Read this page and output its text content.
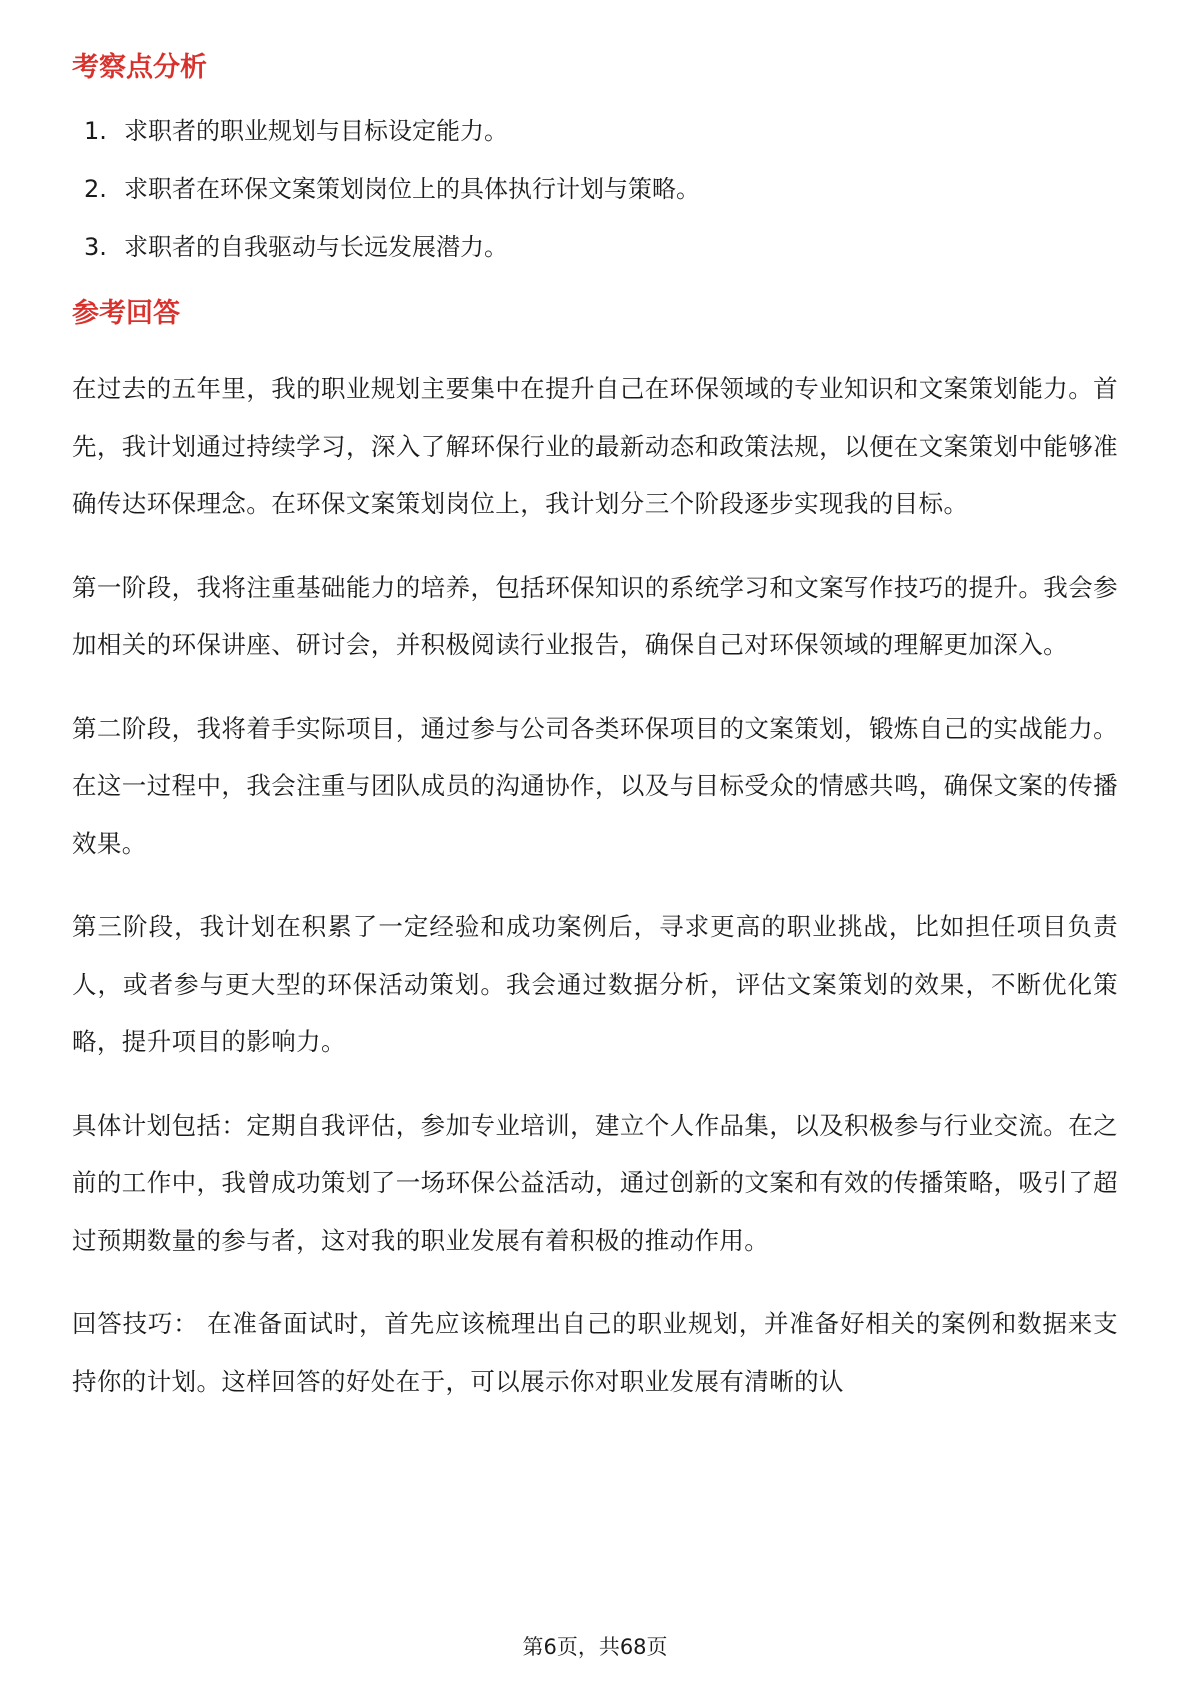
考察点分析
1. 求职者的职业规划与目标设定能力。
2. 求职者在环保文案策划岗位上的具体执行计划与策略。
3. 求职者的自我驱动与长远发展潜力。
参考回答

在过去的五年里，我的职业规划主要集中在提升自己在环保领域的专业知识和文案策划能力。首先，我计划通过持续学习，深入了解环保行业的最新动态和政策法规，以便在文案策划中能够准确传达环保理念。在环保文案策划岗位上，我计划分三个阶段逐步实现我的目标。

第一阶段，我将注重基础能力的培养，包括环保知识的系统学习和文案写作技巧的提升。我会参加相关的环保讲座、研讨会，并积极阅读行业报告，确保自己对环保领域的理解更加深入。

第二阶段，我将着手实际项目，通过参与公司各类环保项目的文案策划，锻炼自己的实战能力。在这一过程中，我会注重与团队成员的沟通协作，以及与目标受众的情感共鸣，确保文案的传播效果。

第三阶段，我计划在积累了一定经验和成功案例后，寻求更高的职业挑战，比如担任项目负责人，或者参与更大型的环保活动策划。我会通过数据分析，评估文案策划的效果，不断优化策略，提升项目的影响力。

具体计划包括：定期自我评估，参加专业培训，建立个人作品集，以及积极参与行业交流。在之前的工作中，我曾成功策划了一场环保公益活动，通过创新的文案和有效的传播策略，吸引了超过预期数量的参与者，这对我的职业发展有着积极的推动作用。

回答技巧： 在准备面试时，首先应该梳理出自己的职业规划，并准备好相关的案例和数据来支持你的计划。这样回答的好处在于，可以展示你对职业发展有清晰的认

第6页，共68页
